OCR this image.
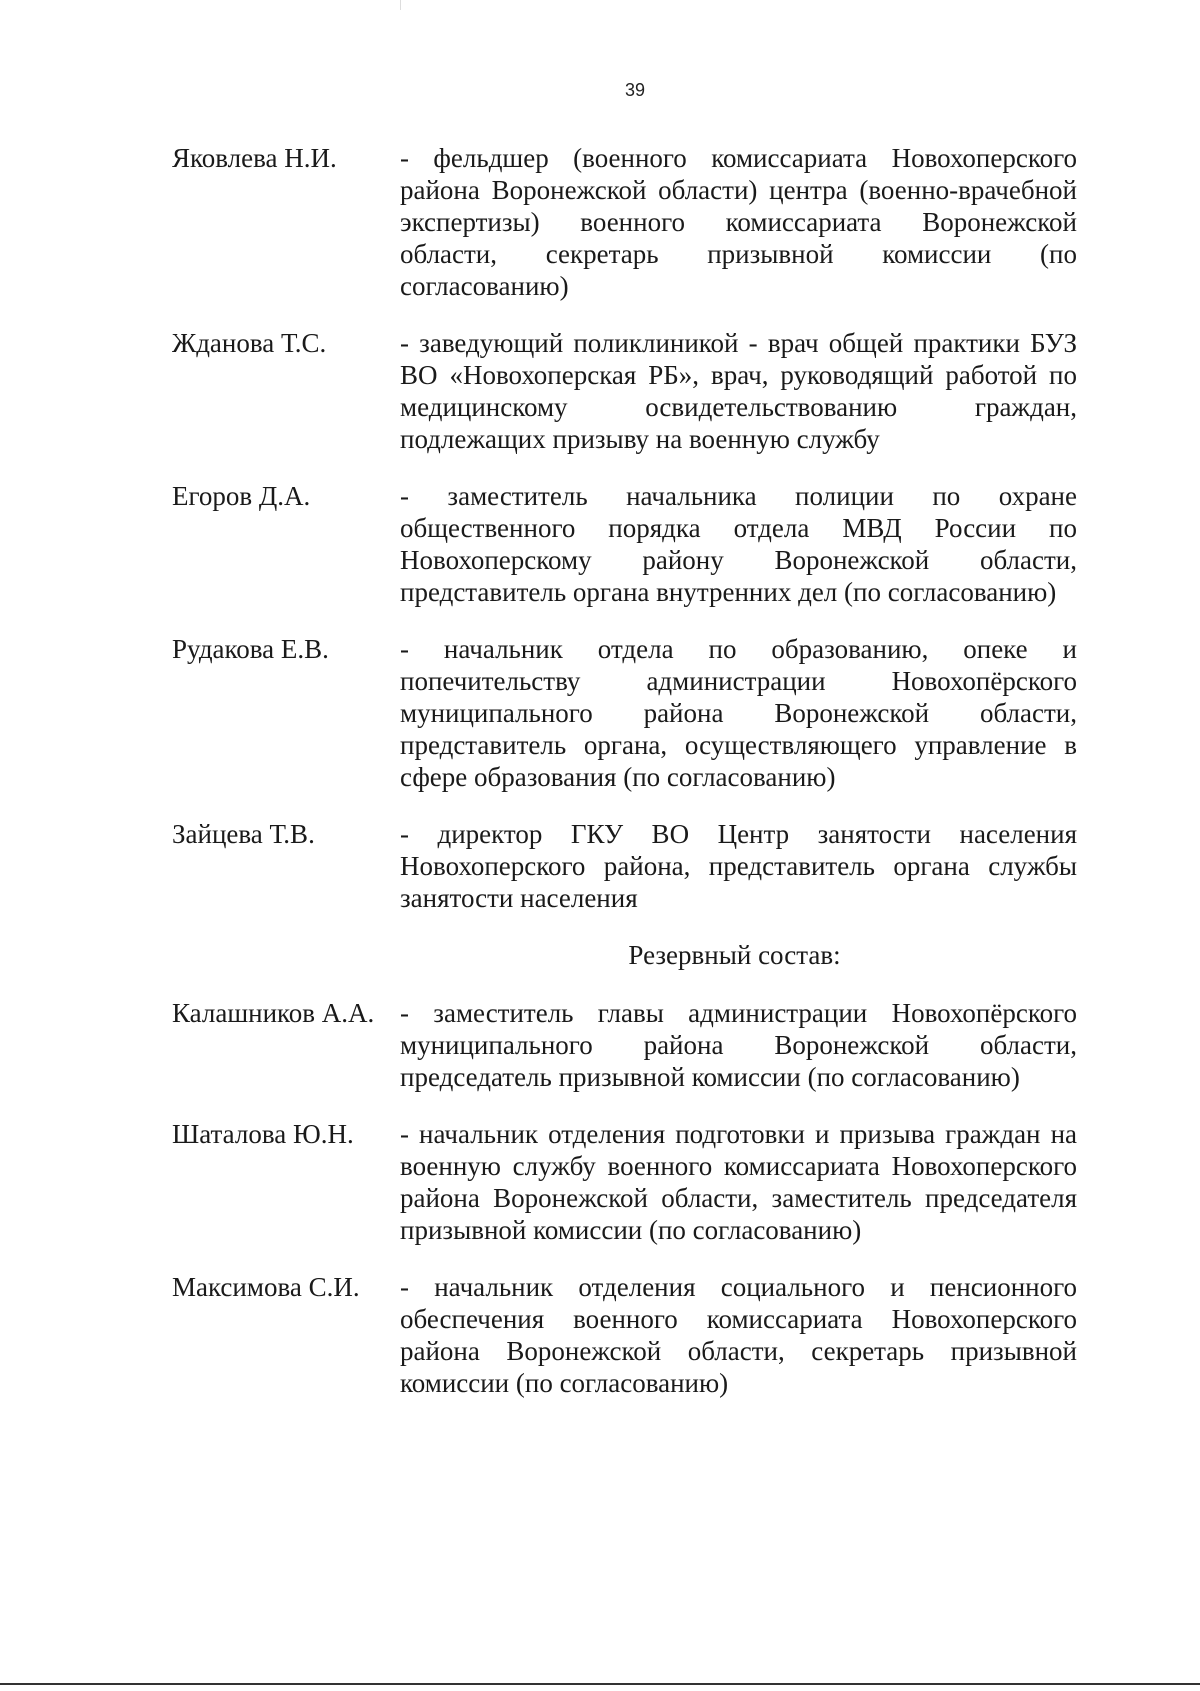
39
Яковлева Н.И.	- фельдшер (военного комиссариата Новохоперского района Воронежской области) центра (военно-врачебной экспертизы) военного комиссариата Воронежской области, секретарь призывной комиссии (по согласованию)
Жданова Т.С.	- заведующий поликлиникой - врач общей практики БУЗ ВО «Новохоперская РБ», врач, руководящий работой по медицинскому освидетельствованию граждан, подлежащих призыву на военную службу
Егоров Д.А.	- заместитель начальника полиции по охране общественного порядка отдела МВД России по Новохоперскому району Воронежской области, представитель органа внутренних дел (по согласованию)
Рудакова Е.В.	- начальник отдела по образованию, опеке и попечительству администрации Новохопёрского муниципального района Воронежской области, представитель органа, осуществляющего управление в сфере образования (по согласованию)
Зайцева Т.В.	- директор ГКУ ВО Центр занятости населения Новохоперского района, представитель органа службы занятости населения
Резервный состав:
Калашников А.А. - заместитель главы администрации Новохопёрского муниципального района Воронежской области, председатель призывной комиссии (по согласованию)
Шаталова Ю.Н.	- начальник отделения подготовки и призыва граждан на военную службу военного комиссариата Новохоперского района Воронежской области, заместитель председателя призывной комиссии (по согласованию)
Максимова С.И.	- начальник отделения социального и пенсионного обеспечения военного комиссариата Новохоперского района Воронежской области, секретарь призывной комиссии (по согласованию)
